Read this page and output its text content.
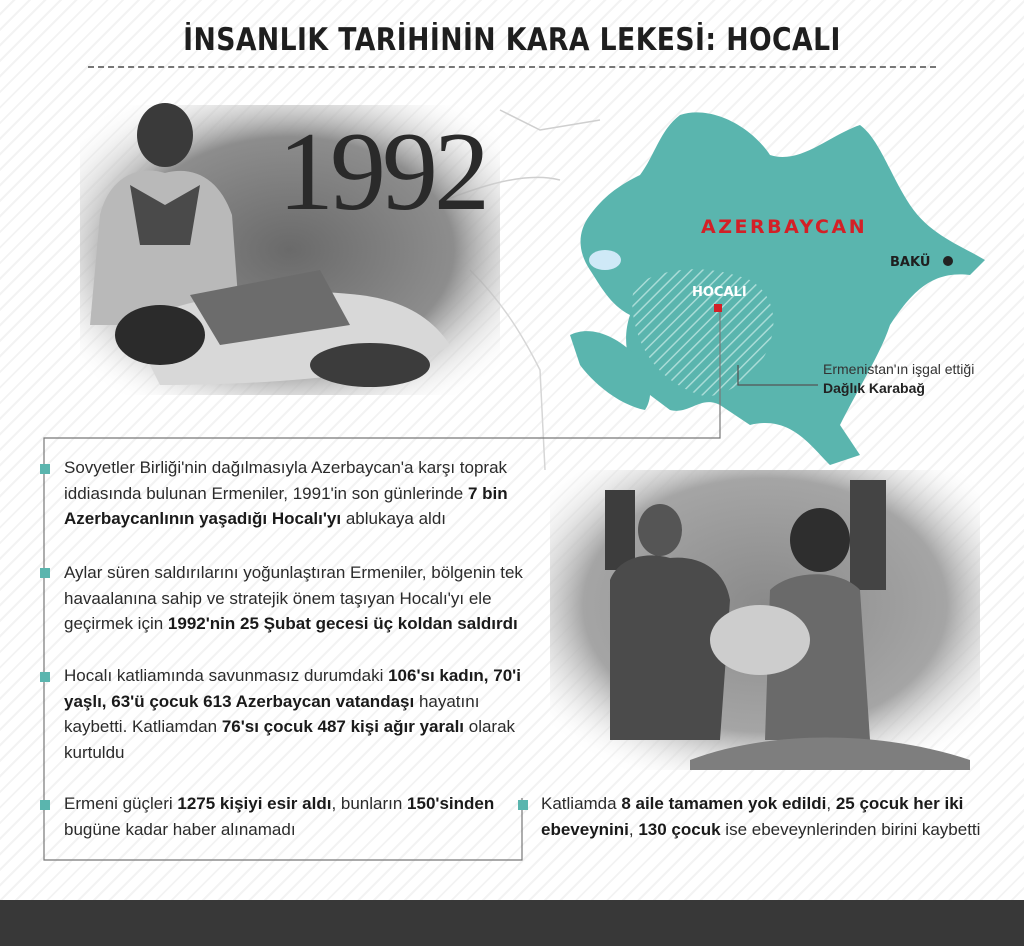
İNSANLIK TARİHİNİN KARA LEKESİ: HOCALI
1992	AZERBAYCAN
BAKÜ
HOCALI
Ermenistan'ın işgal ettiği
Dağlık Karabağ
Sovyetler Birliği'nin dağılmasıyla Azerbaycan'a karşı toprak iddiasında bulunan Ermeniler, 1991'in son günlerinde 7 bin Azerbaycanlının yaşadığı Hocalı'yı ablukaya aldı
Aylar süren saldırılarını yoğunlaştıran Ermeniler, bölgenin tek havaalanına sahip ve stratejik önem taşıyan Hocalı'yı ele geçirmek için 1992'nin 25 Şubat gecesi üç koldan saldırdı
Hocalı katliamında savunmasız durumdaki 106'sı kadın, 70'i yaşlı, 63'ü çocuk 613 Azerbaycan vatandaşı hayatını kaybetti. Katliamdan 76'sı çocuk 487 kişi ağır yaralı olarak kurtuldu
Ermeni güçleri 1275 kişiyi esir aldı, bunların 150'sinden bugüne kadar haber alınamadı
Katliamda 8 aile tamamen yok edildi, 25 çocuk her iki ebeveynini, 130 çocuk ise ebeveynlerinden birini kaybetti
